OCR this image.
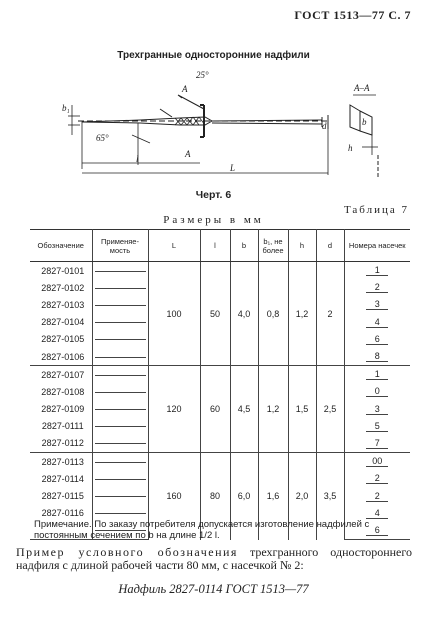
ГОСТ 1513—77 С. 7
Трехгранные односторонние надфили
25°
A
65°
A
b₁
l
L
d
A–A
b
h
Черт. 6
Таблица 7
Размеры в мм
Обозначение	Применяе-мость	L	l	b	b₁, не более	h	d	Номера насечек
2827-0101		100	50	4,0	0,8	1,2	2	1
2827-0102								2
2827-0103								3
2827-0104								4
2827-0105								6
2827-0106								8
2827-0107		120	60	4,5	1,2	1,5	2,5	1
2827-0108								0
2827-0109								3
2827-0111								5
2827-0112								7
2827-0113		160	80	6,0	1,6	2,0	3,5	00
2827-0114								2
2827-0115								2
2827-0116								4

							6
Примечание. По заказу потребителя допускается изготовление надфилей с постоянным сечением по b на длине 1/2 l.
Пример условного обозначения трехгранного одностороннего надфиля с длиной рабочей части 80 мм, с насечкой № 2:
Надфиль 2827-0114 ГОСТ 1513—77
